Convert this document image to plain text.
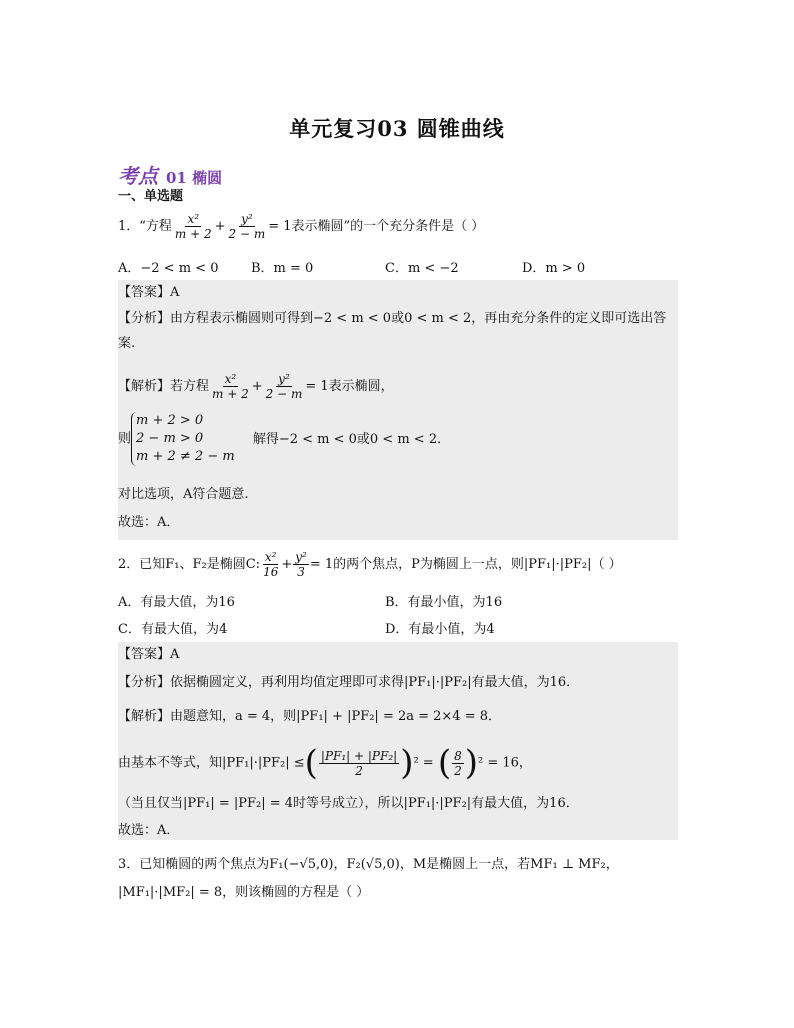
单元复习03 圆锥曲线
考点 01 椭圆
一、单选题
1．“方程 $\frac{\text{x²}}{m + 2} + \frac{\text{y²}}{2 - m} = 1$表示椭圆”的一个充分条件是（ ）
A．−2 < m < 0	B．m = 0	C．m < −2	D．m > 0
【答案】A
【分析】由方程表示椭圆则可得到−2 < m < 0或0 < m < 2，再由充分条件的定义即可选出答
案.
【解析】若方程 $\frac{\text{x²}}{m + 2} + \frac{\text{y²}}{2 - m} = 1$表示椭圆，
则m + 2 > 0
2 − m > 0
m + 2 ≠ 2 − m 解得−2 < m < 0或0 < m < 2．
对比选项，A符合题意.
故选：A．
2．已知F₁、F₂是椭圆C: $\frac{\text{x²}}{16} + \frac{\text{y²}}{3} = 1$的两个焦点，P为椭圆上一点，则|PF₁|·|PF₂|（ ）
A．有最大值，为16	B．有最小值，为16
C．有最大值，为4	D．有最小值，为4
【答案】A
【分析】依据椭圆定义，再利用均值定理即可求得|PF₁|·|PF₂|有最大值，为16．
【解析】由题意知，a = 4，则|PF₁| + |PF₂| = 2a = 2×4 = 8．
由基本不等式，知|PF₁|·|PF₂| ≤ ( $\frac{\text{|PF₁| + |PF₂|}}{2}$ ) ² = ( $\frac{8}{2}$ ) ² = 16，
（当且仅当|PF₁| = |PF₂| = 4时等号成立），所以|PF₁|·|PF₂|有最大值，为16．
故选：A．
3．已知椭圆的两个焦点为F₁(−√5,0)，F₂(√5,0)，M是椭圆上一点，若MF₁ ⊥ MF₂，
|MF₁|·|MF₂| = 8，则该椭圆的方程是（ ）
